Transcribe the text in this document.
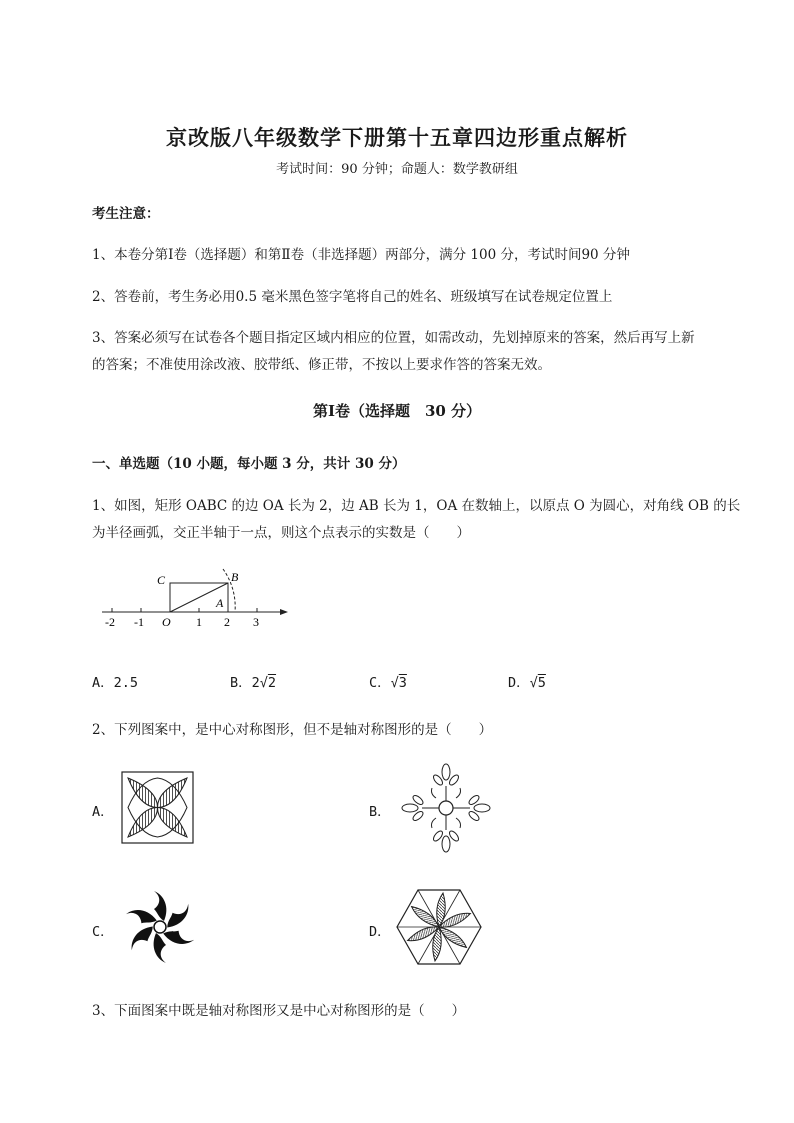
京改版八年级数学下册第十五章四边形重点解析
考试时间：90 分钟；命题人：数学教研组
考生注意：
1、本卷分第Ⅰ卷（选择题）和第Ⅱ卷（非选择题）两部分，满分 100 分，考试时间90 分钟
2、答卷前，考生务必用0.5 毫米黑色签字笔将自己的姓名、班级填写在试卷规定位置上
3、答案必须写在试卷各个题目指定区域内相应的位置，如需改动，先划掉原来的答案，然后再写上新
的答案；不准使用涂改液、胶带纸、修正带，不按以上要求作答的答案无效。
第Ⅰ卷（选择题　30 分）
一、单选题（10 小题，每小题 3 分，共计 30 分）
1、如图，矩形 OABC 的边 OA 长为 2，边 AB 长为 1，OA 在数轴上，以原点 O 为圆心，对角线 OB 的长
为半径画弧，交正半轴于一点，则这个点表示的实数是（　　）
C	B
A
O
-2 -1	1 2 3
A．2.5	B．2√2	C．√3	D．√5
2、下列图案中，是中心对称图形，但不是轴对称图形的是（　　）
A．	B．
C．	D．
3、下面图案中既是轴对称图形又是中心对称图形的是（　　）
